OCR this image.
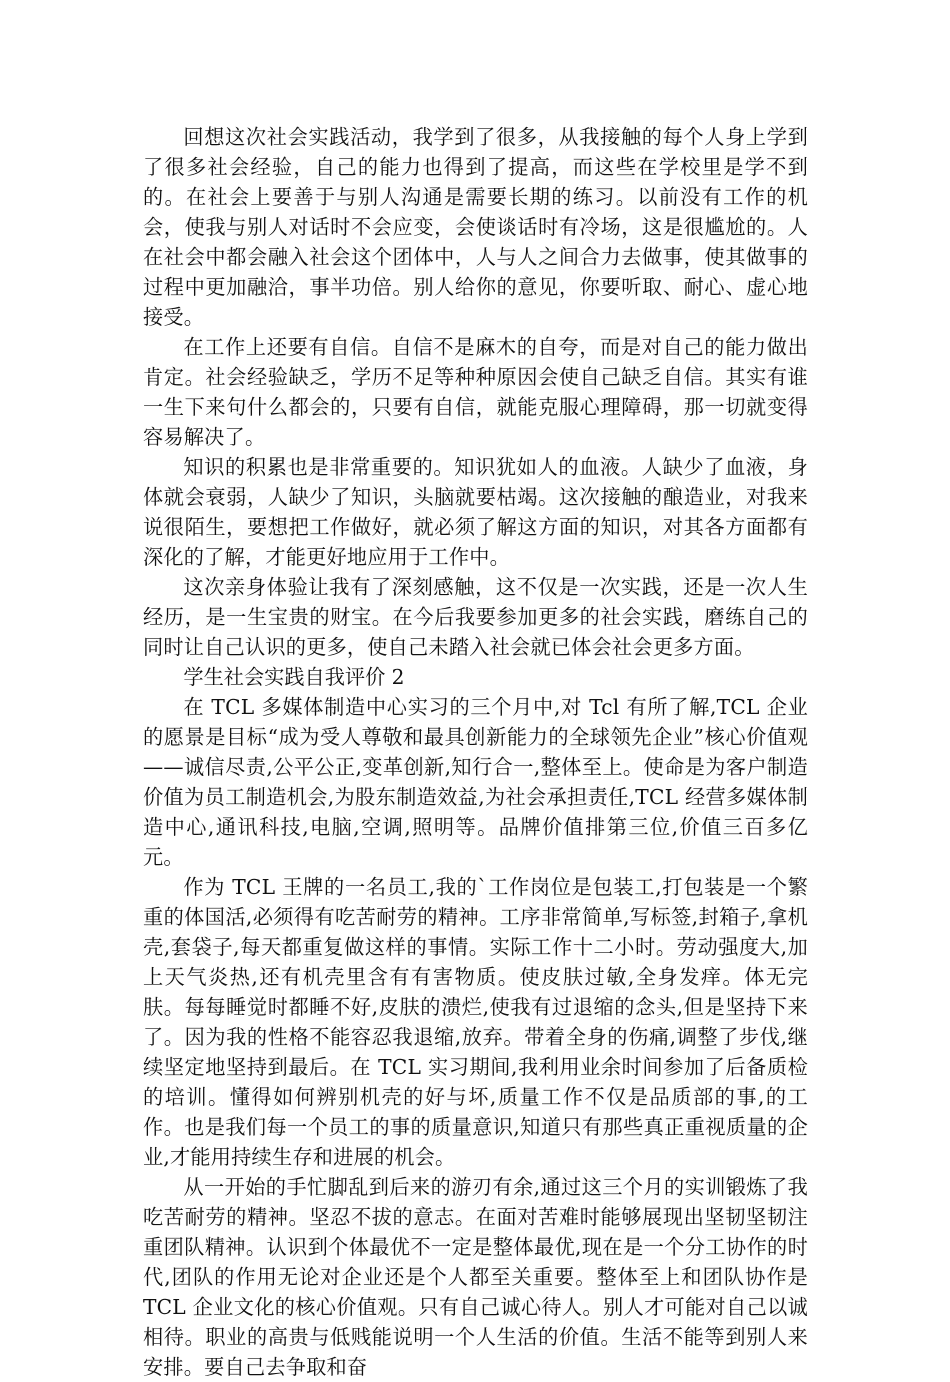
回想这次社会实践活动，我学到了很多，从我接触的每个人身上学到了很多社会经验，自己的能力也得到了提高，而这些在学校里是学不到的。在社会上要善于与别人沟通是需要长期的练习。以前没有工作的机会，使我与别人对话时不会应变，会使谈话时有冷场，这是很尴尬的。人在社会中都会融入社会这个团体中，人与人之间合力去做事，使其做事的过程中更加融洽，事半功倍。别人给你的意见，你要听取、耐心、虚心地接受。

在工作上还要有自信。自信不是麻木的自夸，而是对自己的能力做出肯定。社会经验缺乏，学历不足等种种原因会使自己缺乏自信。其实有谁一生下来句什么都会的，只要有自信，就能克服心理障碍，那一切就变得容易解决了。

知识的积累也是非常重要的。知识犹如人的血液。人缺少了血液，身体就会衰弱，人缺少了知识，头脑就要枯竭。这次接触的酿造业，对我来说很陌生，要想把工作做好，就必须了解这方面的知识，对其各方面都有深化的了解，才能更好地应用于工作中。

这次亲身体验让我有了深刻感触，这不仅是一次实践，还是一次人生经历，是一生宝贵的财宝。在今后我要参加更多的社会实践，磨练自己的同时让自己认识的更多，使自己未踏入社会就已体会社会更多方面。

学生社会实践自我评价 2

在 TCL 多媒体制造中心实习的三个月中,对 Tcl 有所了解,TCL 企业的愿景是目标“成为受人尊敬和最具创新能力的全球领先企业”核心价值观——诚信尽责,公平公正,变革创新,知行合一,整体至上。使命是为客户制造价值为员工制造机会,为股东制造效益,为社会承担责任,TCL 经营多媒体制造中心,通讯科技,电脑,空调,照明等。品牌价值排第三位,价值三百多亿元。

作为 TCL 王牌的一名员工,我的`工作岗位是包装工,打包装是一个繁重的体国活,必须得有吃苦耐劳的精神。工序非常简单,写标签,封箱子,拿机壳,套袋子,每天都重复做这样的事情。实际工作十二小时。劳动强度大,加上天气炎热,还有机壳里含有有害物质。使皮肤过敏,全身发痒。体无完肤。每每睡觉时都睡不好,皮肤的溃烂,使我有过退缩的念头,但是坚持下来了。因为我的性格不能容忍我退缩,放弃。带着全身的伤痛,调整了步伐,继续坚定地坚持到最后。在 TCL 实习期间,我利用业余时间参加了后备质检的培训。懂得如何辨别机壳的好与坏,质量工作不仅是品质部的事,的工作。也是我们每一个员工的事的质量意识,知道只有那些真正重视质量的企业,才能用持续生存和进展的机会。

从一开始的手忙脚乱到后来的游刃有余,通过这三个月的实训锻炼了我吃苦耐劳的精神。坚忍不拔的意志。在面对苦难时能够展现出坚韧坚韧注重团队精神。认识到个体最优不一定是整体最优,现在是一个分工协作的时代,团队的作用无论对企业还是个人都至关重要。整体至上和团队协作是 TCL 企业文化的核心价值观。只有自己诚心待人。别人才可能对自己以诚相待。职业的高贵与低贱能说明一个人生活的价值。生活不能等到别人来安排。要自己去争取和奋
